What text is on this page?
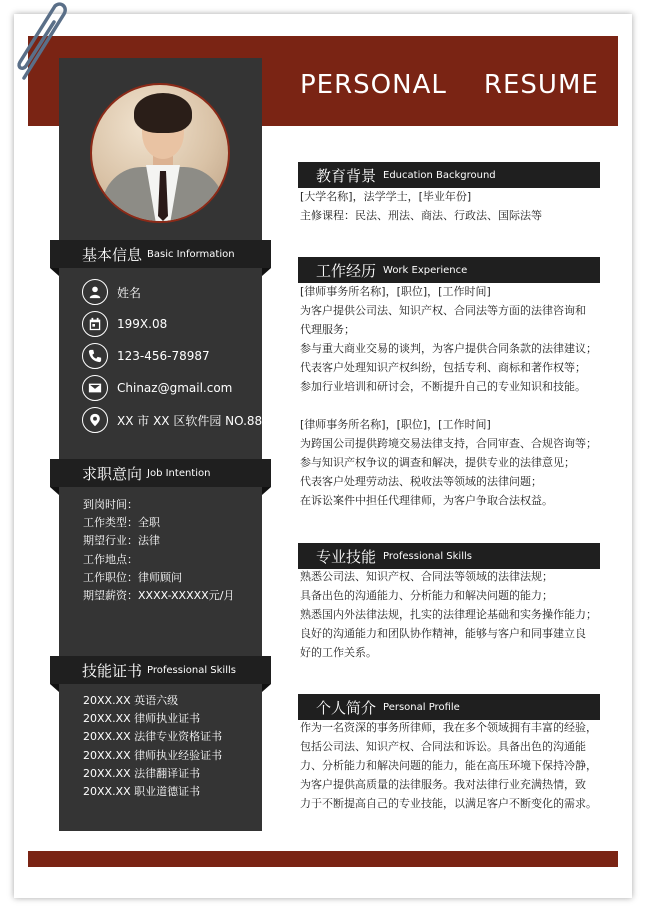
PERSONAL    RESUME
基本信息 Basic Information
姓名
199X.08
123-456-78987
Chinaz@gmail.com
XX 市 XX 区软件园 NO.88
求职意向 Job Intention
到岗时间：
工作类型：全职
期望行业：法律
工作地点：
工作职位：律师顾问
期望薪资：XXXX-XXXXX元/月
技能证书 Professional Skills
20XX.XX 英语六级
20XX.XX 律师执业证书
20XX.XX 法律专业资格证书
20XX.XX 律师执业经验证书
20XX.XX 法律翻译证书
20XX.XX 职业道德证书
教育背景 Education Background
[大学名称]，法学学士，[毕业年份]
主修课程：民法、刑法、商法、行政法、国际法等
工作经历 Work Experience
[律师事务所名称]，[职位]，[工作时间]
为客户提供公司法、知识产权、合同法等方面的法律咨询和
代理服务；
参与重大商业交易的谈判，为客户提供合同条款的法律建议；
代表客户处理知识产权纠纷，包括专利、商标和著作权等；
参加行业培训和研讨会，不断提升自己的专业知识和技能。
[律师事务所名称]，[职位]，[工作时间]
为跨国公司提供跨境交易法律支持，合同审查、合规咨询等；
参与知识产权争议的调查和解决，提供专业的法律意见；
代表客户处理劳动法、税收法等领域的法律问题；
在诉讼案件中担任代理律师，为客户争取合法权益。
专业技能 Professional Skills
熟悉公司法、知识产权、合同法等领域的法律法规；
具备出色的沟通能力、分析能力和解决问题的能力；
熟悉国内外法律法规，扎实的法律理论基础和实务操作能力；
良好的沟通能力和团队协作精神，能够与客户和同事建立良
好的工作关系。
个人简介 Personal Profile
作为一名资深的事务所律师，我在多个领域拥有丰富的经验，
包括公司法、知识产权、合同法和诉讼。具备出色的沟通能
力、分析能力和解决问题的能力，能在高压环境下保持冷静，
为客户提供高质量的法律服务。我对法律行业充满热情，致
力于不断提高自己的专业技能，以满足客户不断变化的需求。
